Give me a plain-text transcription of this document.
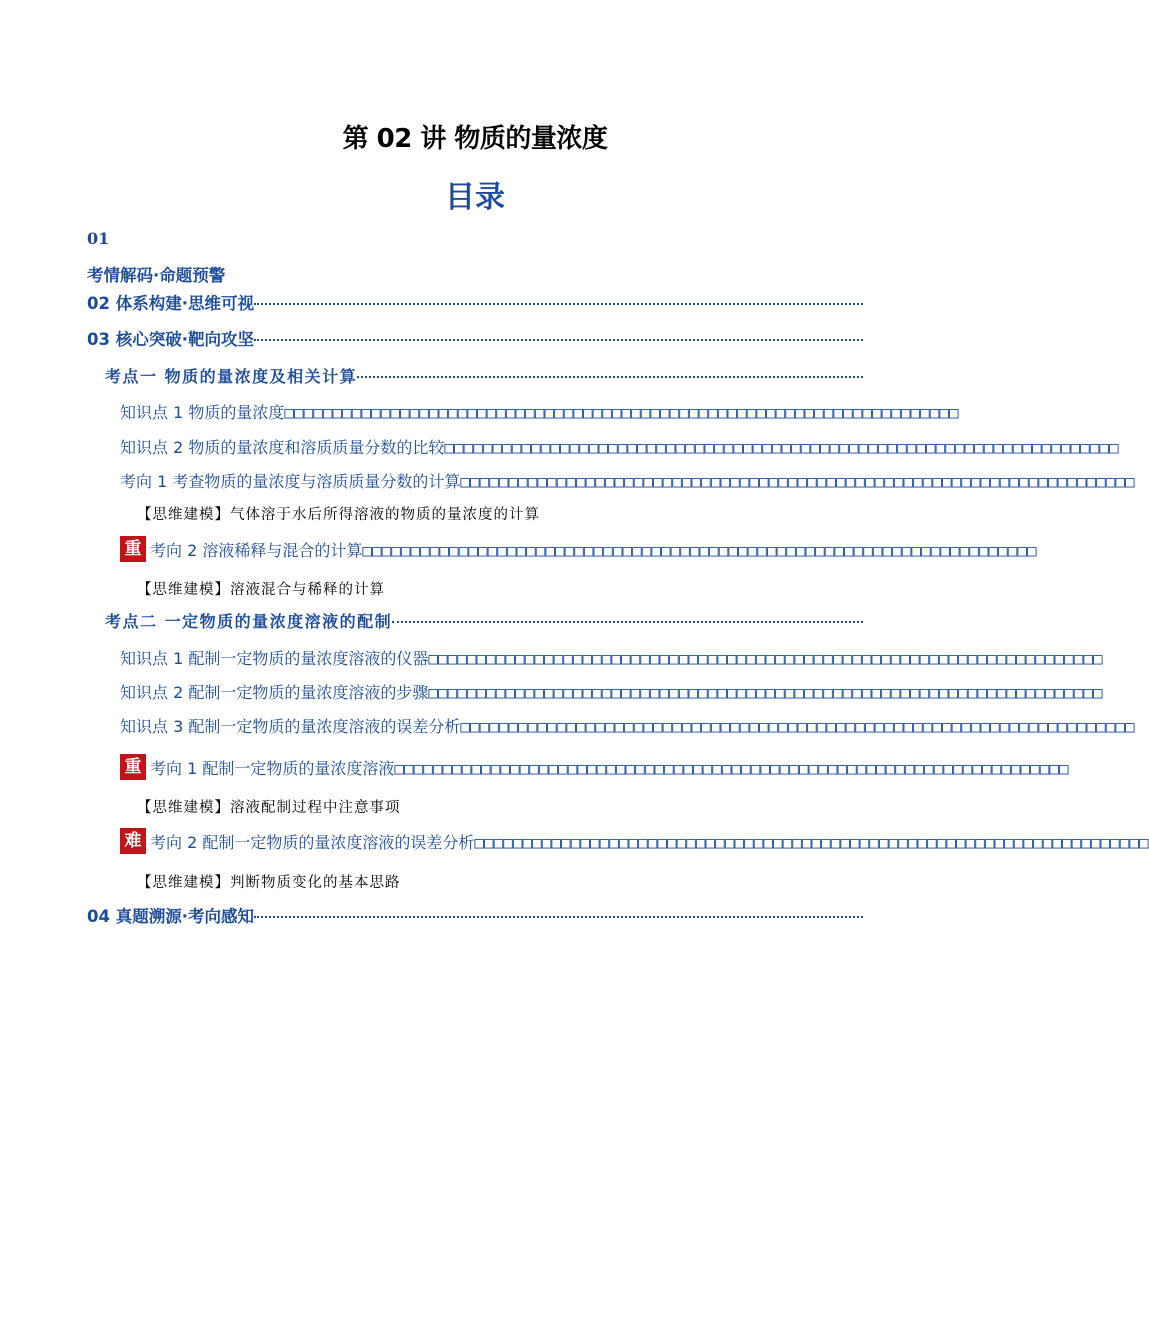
第 02 讲 物质的量浓度
目录
01
考情解码·命题预警
02 体系构建·思维可视
03 核心突破·靶向攻坚
考点一 物质的量浓度及相关计算
知识点 1 物质的量浓度 □□□□□□□□□□□□□□□□□□□□□□□□□□□□□□□□□□□□□□□□□□□□□□□□□□□□□□□□□□□□□□□□□□□□□□
知识点 2 物质的量浓度和溶质质量分数的比较 □□□□□□□□□□□□□□□□□□□□□□□□□□□□□□□□□□□□□□□□□□□□□□□□□□□□□□□□□□□□□□□□□□□□□□
考向 1 考查物质的量浓度与溶质质量分数的计算 □□□□□□□□□□□□□□□□□□□□□□□□□□□□□□□□□□□□□□□□□□□□□□□□□□□□□□□□□□□□□□□□□□□□□□
【思维建模】气体溶于水后所得溶液的物质的量浓度的计算
重 考向 2 溶液稀释与混合的计算 □□□□□□□□□□□□□□□□□□□□□□□□□□□□□□□□□□□□□□□□□□□□□□□□□□□□□□□□□□□□□□□□□□□□□□
【思维建模】溶液混合与稀释的计算
考点二 一定物质的量浓度溶液的配制
知识点 1 配制一定物质的量浓度溶液的仪器 □□□□□□□□□□□□□□□□□□□□□□□□□□□□□□□□□□□□□□□□□□□□□□□□□□□□□□□□□□□□□□□□□□□□□□
知识点 2 配制一定物质的量浓度溶液的步骤 □□□□□□□□□□□□□□□□□□□□□□□□□□□□□□□□□□□□□□□□□□□□□□□□□□□□□□□□□□□□□□□□□□□□□□
知识点 3 配制一定物质的量浓度溶液的误差分析 □□□□□□□□□□□□□□□□□□□□□□□□□□□□□□□□□□□□□□□□□□□□□□□□□□□□□□□□□□□□□□□□□□□□□□
重 考向 1 配制一定物质的量浓度溶液 □□□□□□□□□□□□□□□□□□□□□□□□□□□□□□□□□□□□□□□□□□□□□□□□□□□□□□□□□□□□□□□□□□□□□□
【思维建模】溶液配制过程中注意事项
难 考向 2 配制一定物质的量浓度溶液的误差分析 □□□□□□□□□□□□□□□□□□□□□□□□□□□□□□□□□□□□□□□□□□□□□□□□□□□□□□□□□□□□□□□□□□□□□□
【思维建模】判断物质变化的基本思路
04 真题溯源·考向感知
